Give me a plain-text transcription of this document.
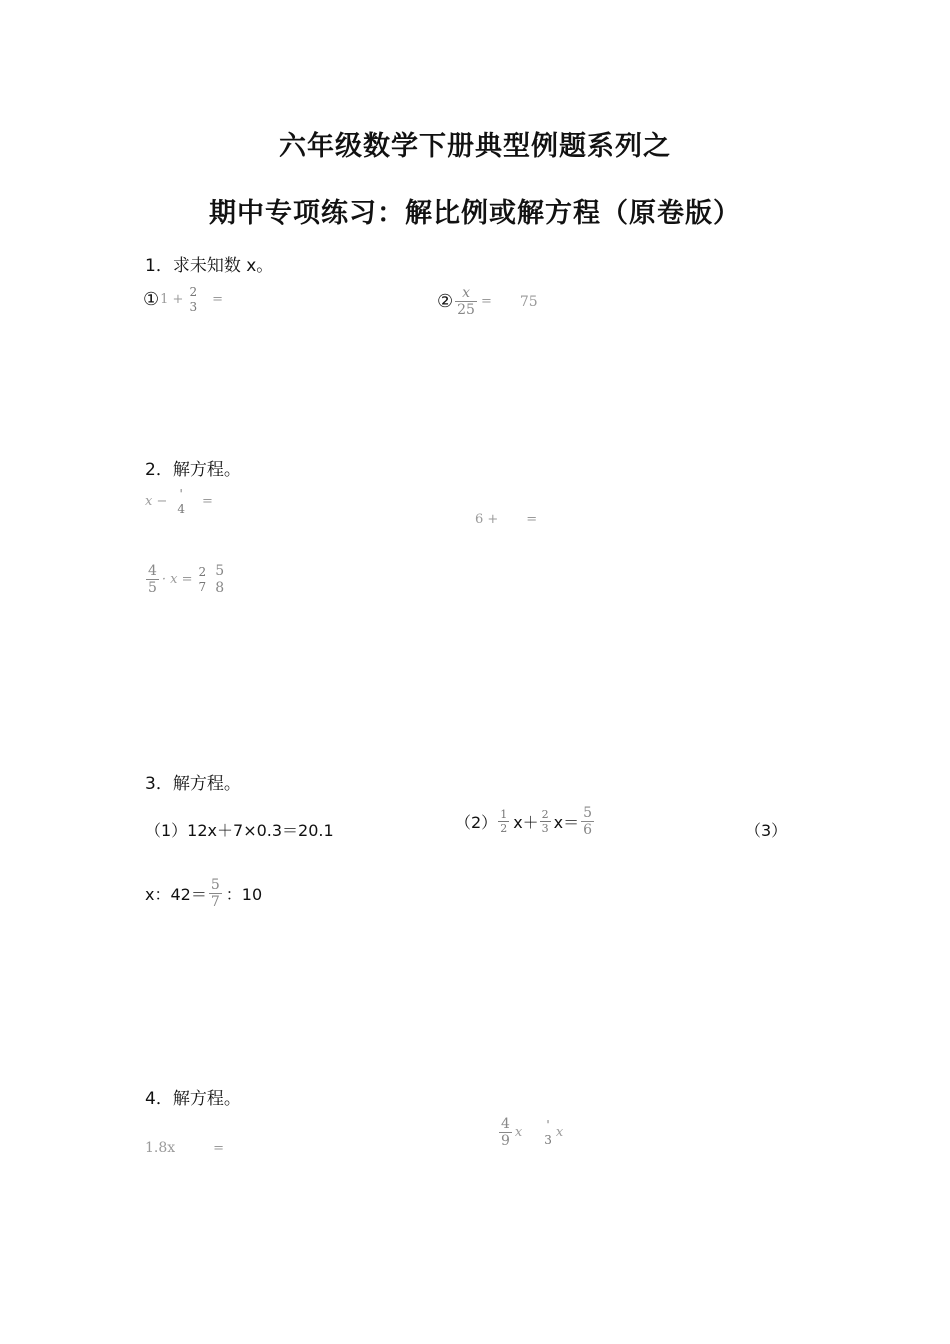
六年级数学下册典型例题系列之
期中专项练习：解比例或解方程（原卷版）
1．求未知数 x。
① 1 + 2
3 =	② $\frac{x}{25} = 75$
2．解方程。
x − '
4 =
6 + =
$\frac{4}{5} \cdot x = 2$
7
5
8
3．解方程。
（1）12x＋7×0.3＝20.1	$(2) \frac{1}{2} x+ \frac{2}{3} x= \frac{5}{6}$	（3）
x：$42= \frac{5}{7}$ ：10
4．解方程。
1.8x	=	$\frac{4}{9}$ x '
3 x
